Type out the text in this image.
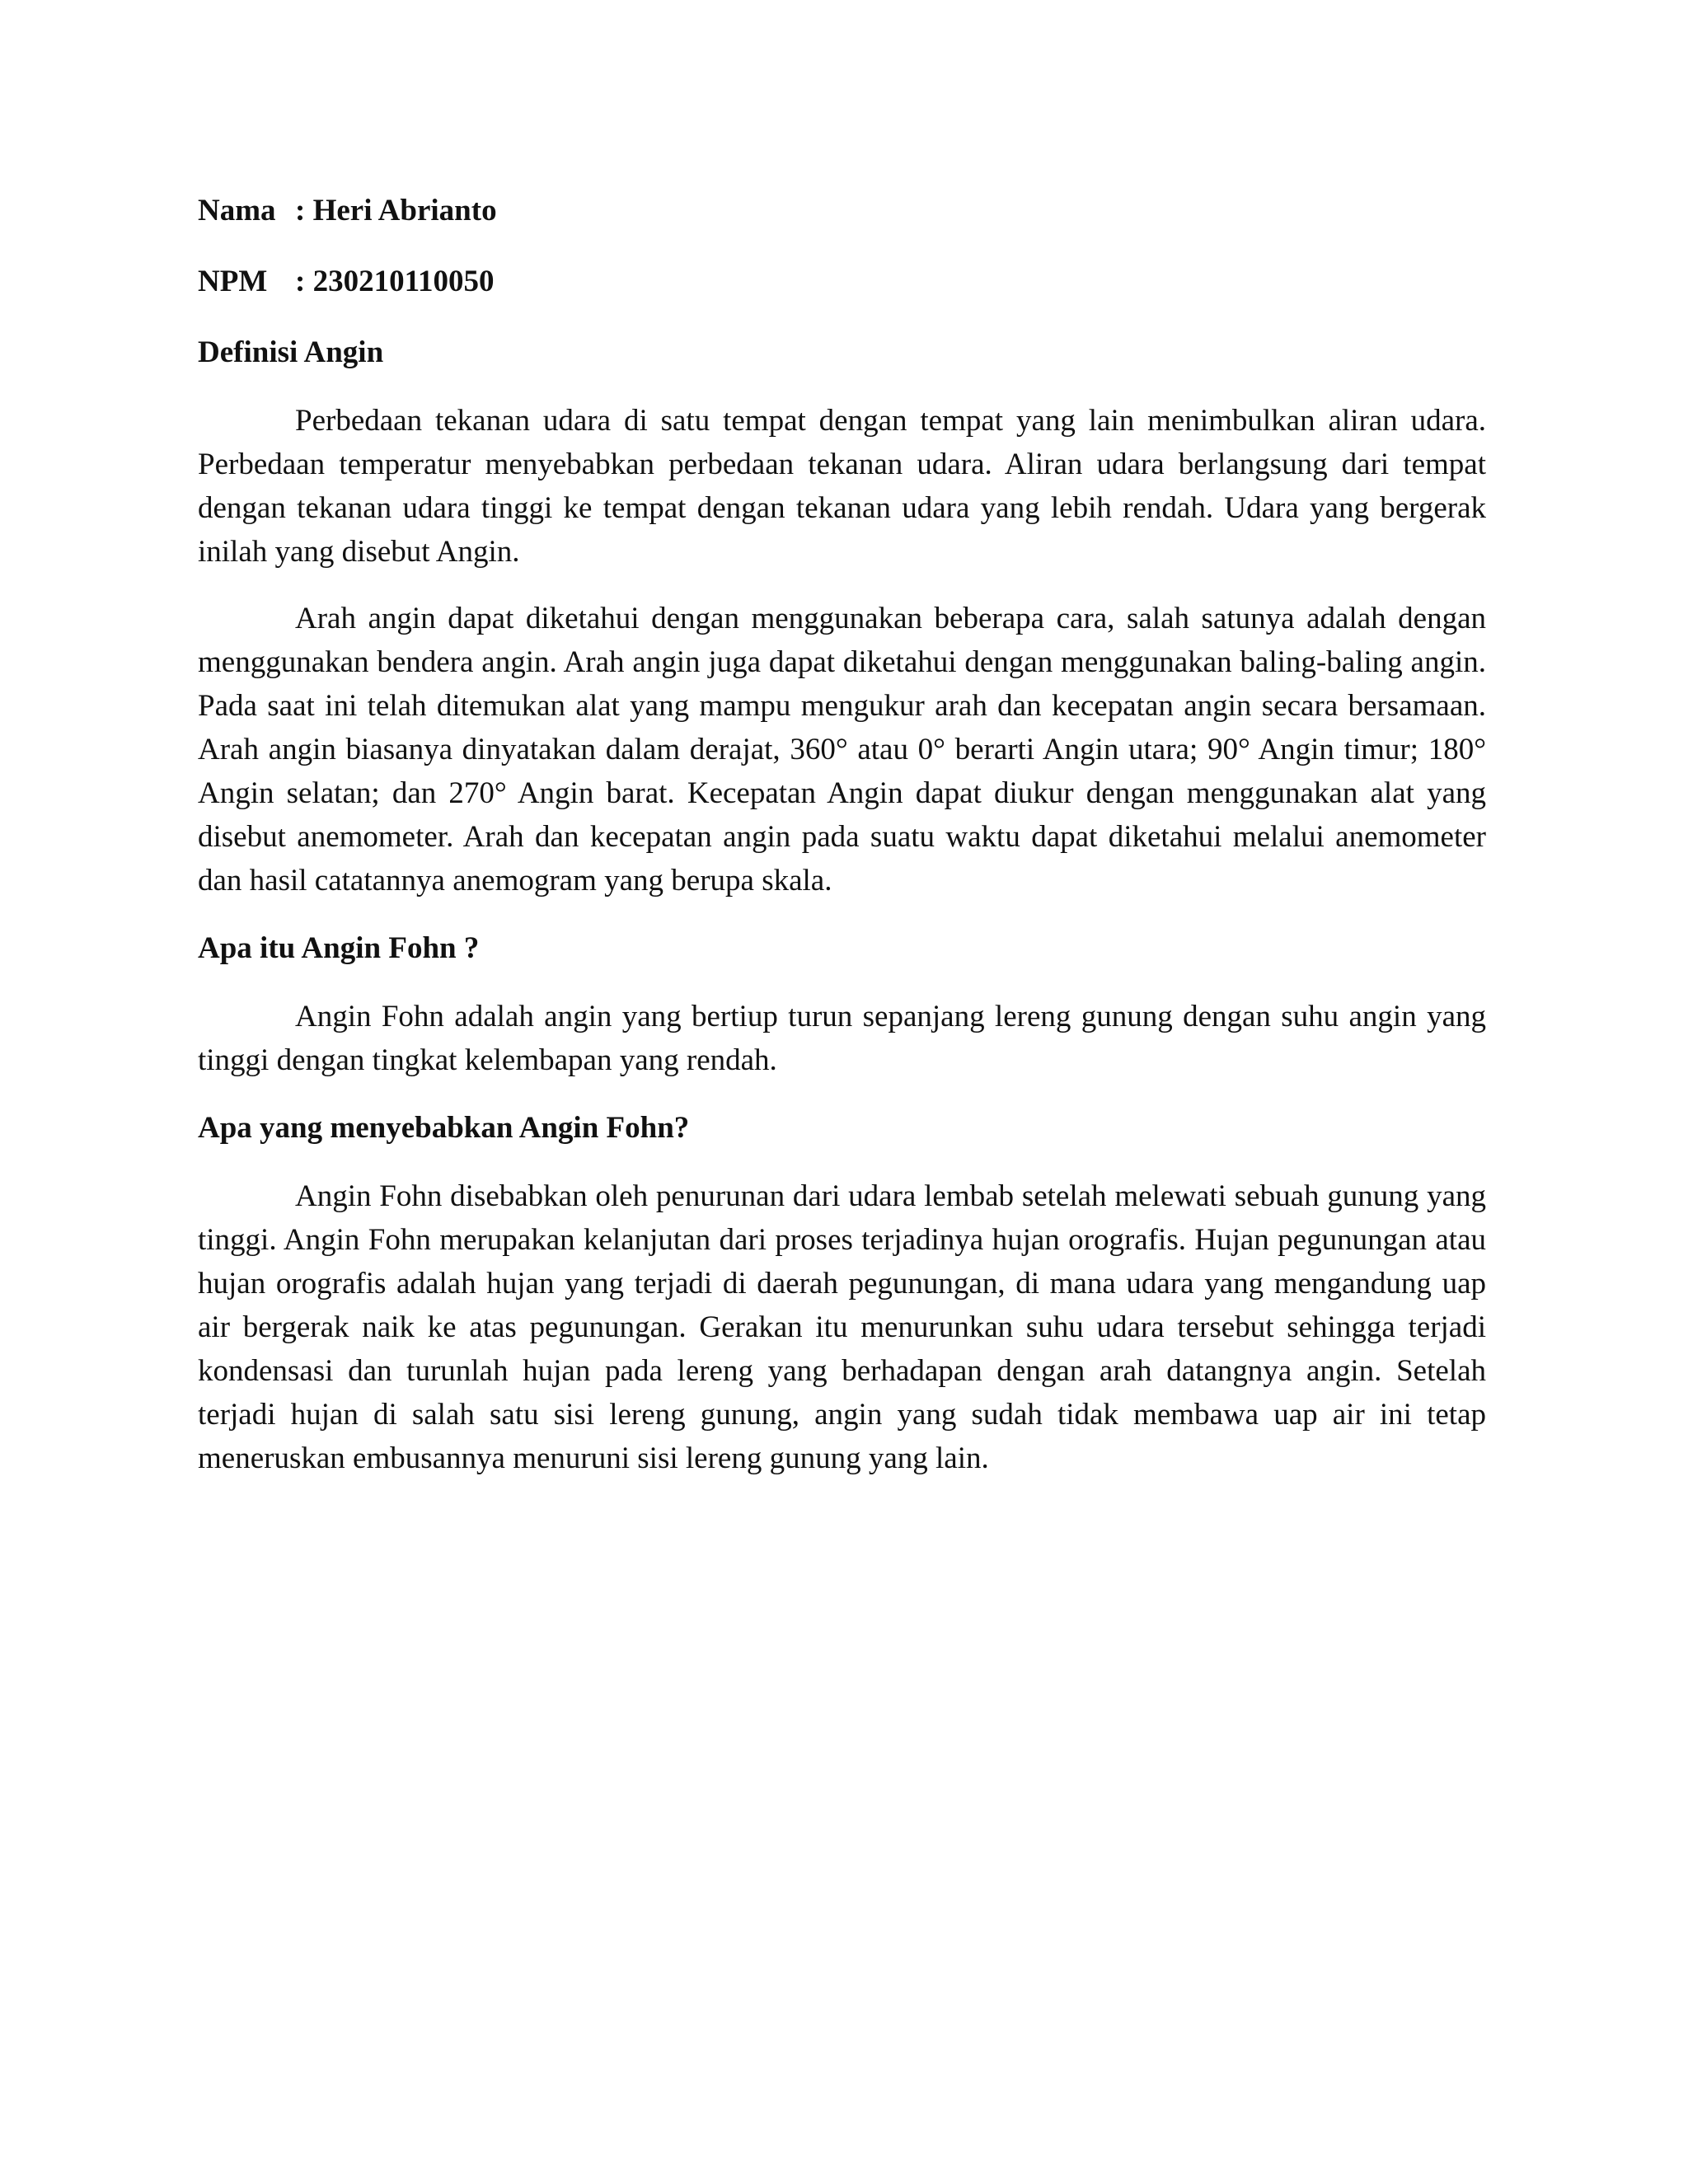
Nama : Heri Abrianto
NPM : 230210110050
Definisi Angin

Perbedaan tekanan udara di satu tempat dengan tempat yang lain menimbulkan aliran udara. Perbedaan temperatur menyebabkan perbedaan tekanan udara. Aliran udara berlangsung dari tempat dengan tekanan udara tinggi ke tempat dengan tekanan udara yang lebih rendah. Udara yang bergerak inilah yang disebut Angin.

Arah angin dapat diketahui dengan menggunakan beberapa cara, salah satunya adalah dengan menggunakan bendera angin. Arah angin juga dapat diketahui dengan menggunakan baling-baling angin. Pada saat ini telah ditemukan alat yang mampu mengukur arah dan kecepatan angin secara bersamaan. Arah angin biasanya dinyatakan dalam derajat, 360° atau 0° berarti Angin utara; 90° Angin timur; 180° Angin selatan; dan 270° Angin barat. Kecepatan Angin dapat diukur dengan menggunakan alat yang disebut anemometer. Arah dan kecepatan angin pada suatu waktu dapat diketahui melalui anemometer dan hasil catatannya anemogram yang berupa skala.

Apa itu Angin Fohn ?

Angin Fohn adalah angin yang bertiup turun sepanjang lereng gunung dengan suhu angin yang tinggi dengan tingkat kelembapan yang rendah.

Apa yang menyebabkan Angin Fohn?

Angin Fohn disebabkan oleh penurunan dari udara lembab setelah melewati sebuah gunung yang tinggi. Angin Fohn merupakan kelanjutan dari proses terjadinya hujan orografis. Hujan pegunungan atau hujan orografis adalah hujan yang terjadi di daerah pegunungan, di mana udara yang mengandung uap air bergerak naik ke atas pegunungan. Gerakan itu menurunkan suhu udara tersebut sehingga terjadi kondensasi dan turunlah hujan pada lereng yang berhadapan dengan arah datangnya angin. Setelah terjadi hujan di salah satu sisi lereng gunung, angin yang sudah tidak membawa uap air ini tetap meneruskan embusannya menuruni sisi lereng gunung yang lain.
